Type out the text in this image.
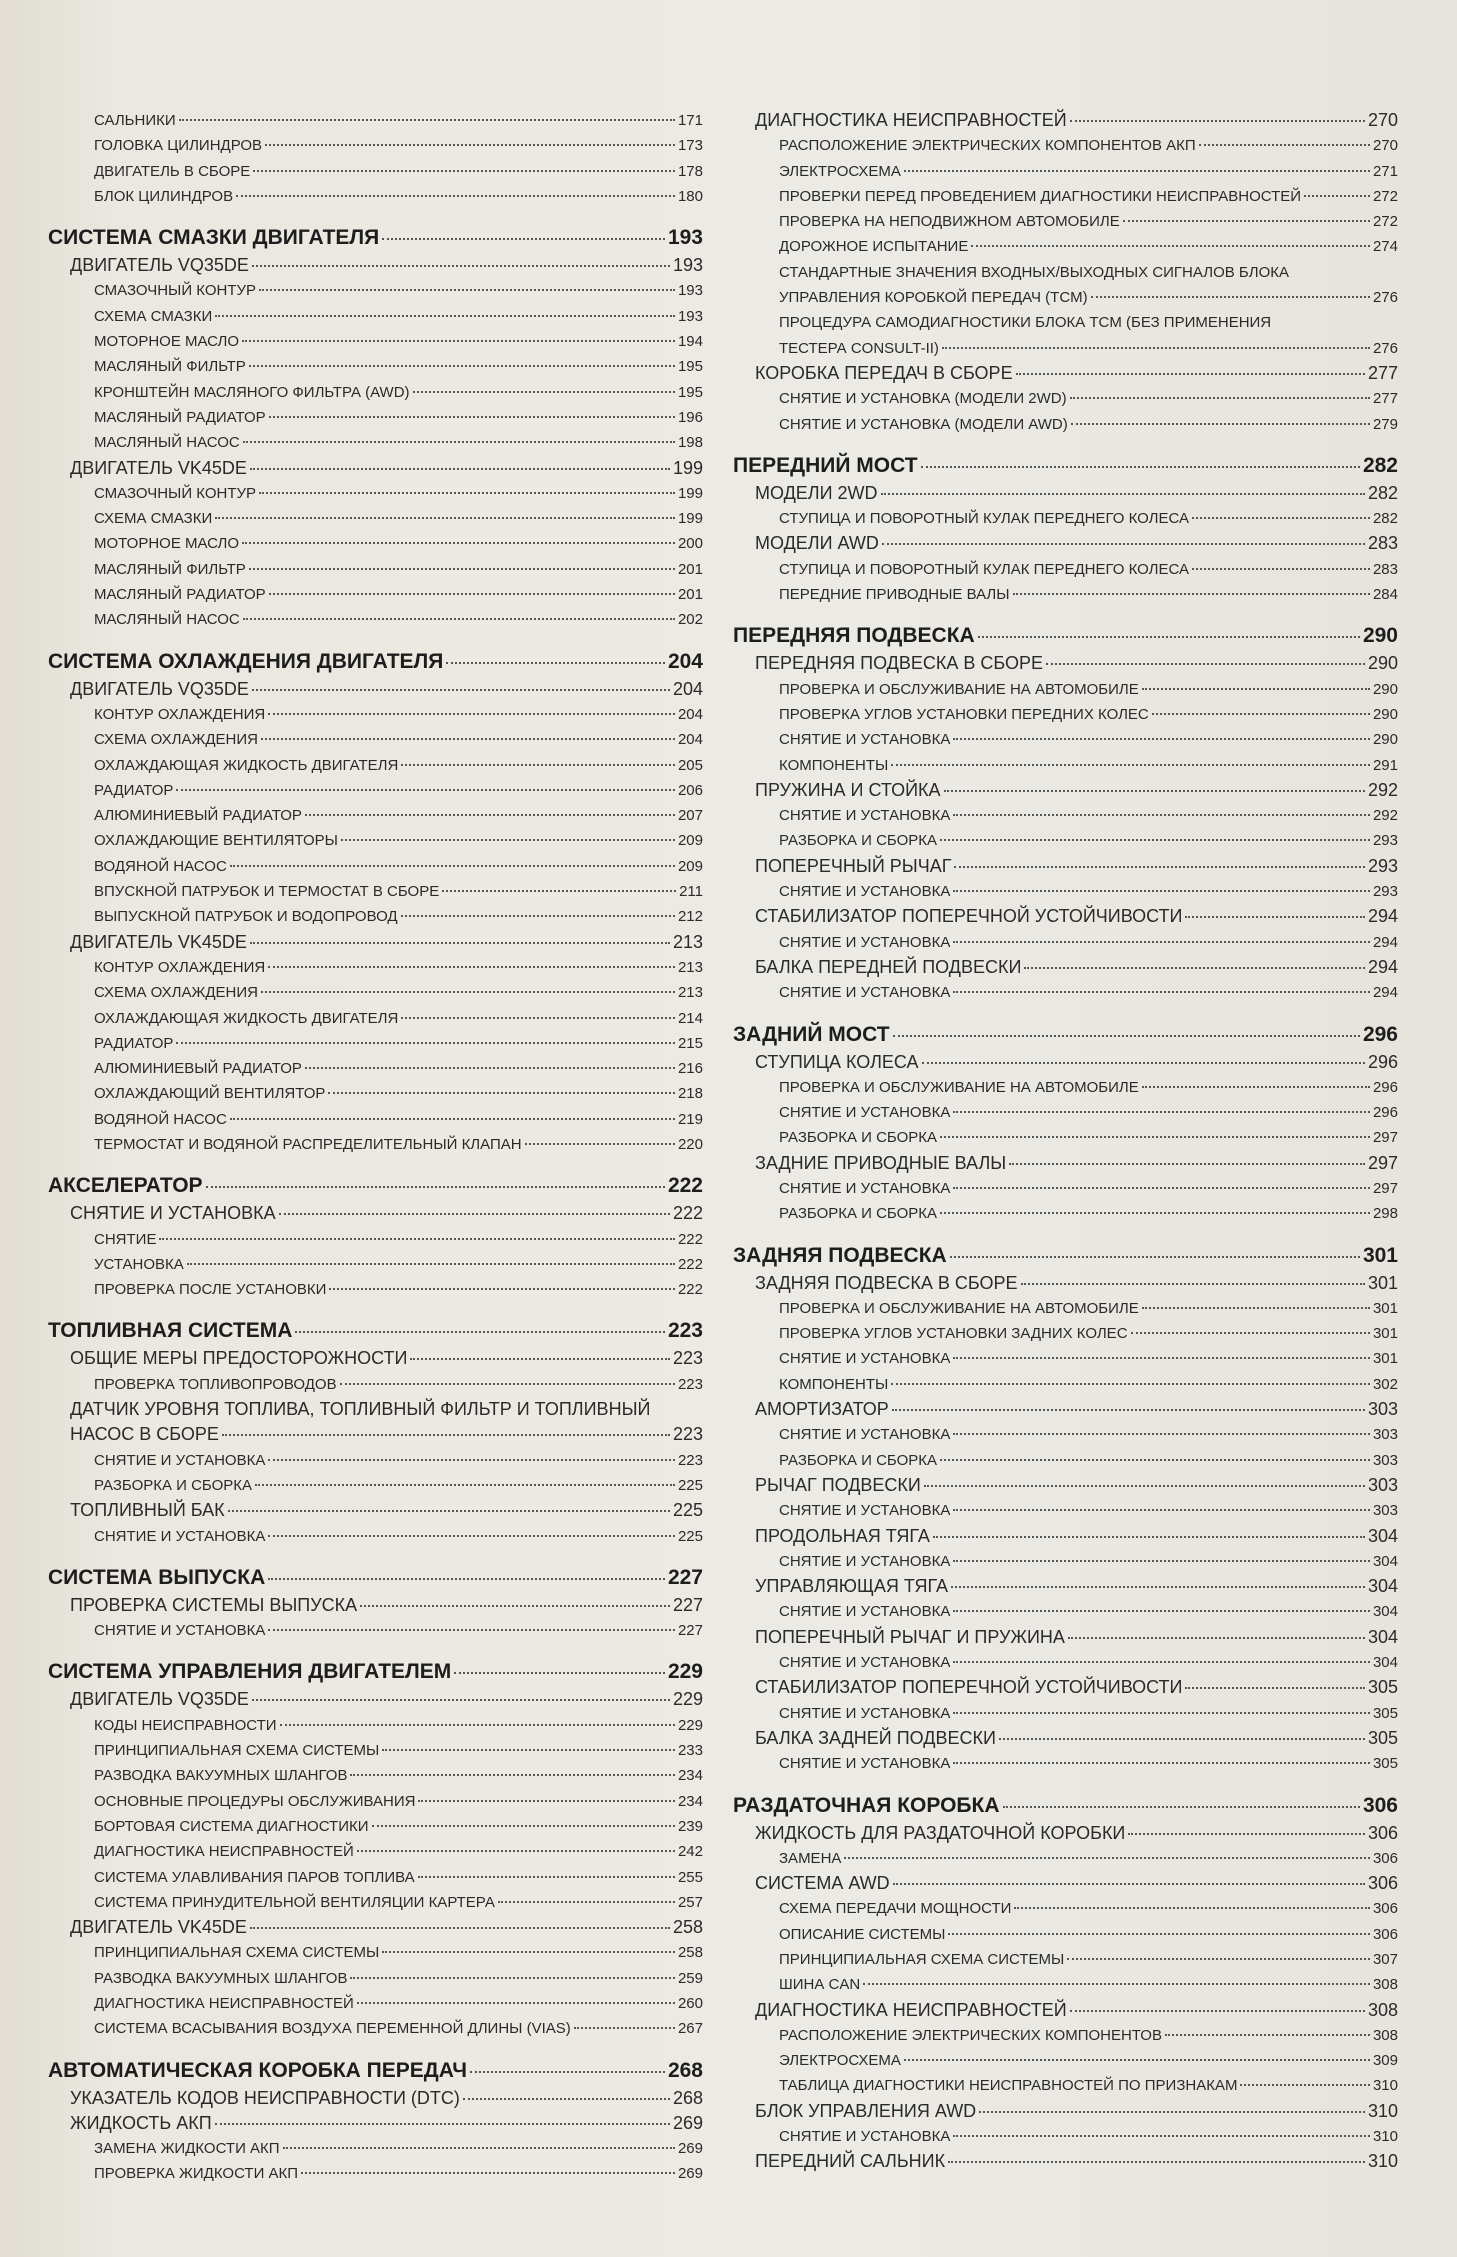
САЛЬНИКИ	171
ГОЛОВКА ЦИЛИНДРОВ	173
ДВИГАТЕЛЬ В СБОРЕ	178
БЛОК ЦИЛИНДРОВ	180
СИСТЕМА СМАЗКИ ДВИГАТЕЛЯ	193
ДВИГАТЕЛЬ VQ35DE	193
СМАЗОЧНЫЙ КОНТУР	193
СХЕМА СМАЗКИ	193
МОТОРНОЕ МАСЛО	194
МАСЛЯНЫЙ ФИЛЬТР	195
КРОНШТЕЙН МАСЛЯНОГО ФИЛЬТРА (AWD)	195
МАСЛЯНЫЙ РАДИАТОР	196
МАСЛЯНЫЙ НАСОС	198
ДВИГАТЕЛЬ VK45DE	199
СМАЗОЧНЫЙ КОНТУР	199
СХЕМА СМАЗКИ	199
МОТОРНОЕ МАСЛО	200
МАСЛЯНЫЙ ФИЛЬТР	201
МАСЛЯНЫЙ РАДИАТОР	201
МАСЛЯНЫЙ НАСОС	202
СИСТЕМА ОХЛАЖДЕНИЯ ДВИГАТЕЛЯ	204
ДВИГАТЕЛЬ VQ35DE	204
КОНТУР ОХЛАЖДЕНИЯ	204
СХЕМА ОХЛАЖДЕНИЯ	204
ОХЛАЖДАЮЩАЯ ЖИДКОСТЬ ДВИГАТЕЛЯ	205
РАДИАТОР	206
АЛЮМИНИЕВЫЙ РАДИАТОР	207
ОХЛАЖДАЮЩИЕ ВЕНТИЛЯТОРЫ	209
ВОДЯНОЙ НАСОС	209
ВПУСКНОЙ ПАТРУБОК И ТЕРМОСТАТ В СБОРЕ	211
ВЫПУСКНОЙ ПАТРУБОК И ВОДОПРОВОД	212
ДВИГАТЕЛЬ VK45DE	213
КОНТУР ОХЛАЖДЕНИЯ	213
СХЕМА ОХЛАЖДЕНИЯ	213
ОХЛАЖДАЮЩАЯ ЖИДКОСТЬ ДВИГАТЕЛЯ	214
РАДИАТОР	215
АЛЮМИНИЕВЫЙ РАДИАТОР	216
ОХЛАЖДАЮЩИЙ ВЕНТИЛЯТОР	218
ВОДЯНОЙ НАСОС	219
ТЕРМОСТАТ И ВОДЯНОЙ РАСПРЕДЕЛИТЕЛЬНЫЙ КЛАПАН	220
АКСЕЛЕРАТОР	222
СНЯТИЕ И УСТАНОВКА	222
СНЯТИЕ	222
УСТАНОВКА	222
ПРОВЕРКА ПОСЛЕ УСТАНОВКИ	222
ТОПЛИВНАЯ СИСТЕМА	223
ОБЩИЕ МЕРЫ ПРЕДОСТОРОЖНОСТИ	223
ПРОВЕРКА ТОПЛИВОПРОВОДОВ	223
ДАТЧИК УРОВНЯ ТОПЛИВА, ТОПЛИВНЫЙ ФИЛЬТР И ТОПЛИВНЫЙ
НАСОС В СБОРЕ	223
СНЯТИЕ И УСТАНОВКА	223
РАЗБОРКА И СБОРКА	225
ТОПЛИВНЫЙ БАК	225
СНЯТИЕ И УСТАНОВКА	225
СИСТЕМА ВЫПУСКА	227
ПРОВЕРКА СИСТЕМЫ ВЫПУСКА	227
СНЯТИЕ И УСТАНОВКА	227
СИСТЕМА УПРАВЛЕНИЯ ДВИГАТЕЛЕМ	229
ДВИГАТЕЛЬ VQ35DE	229
КОДЫ НЕИСПРАВНОСТИ	229
ПРИНЦИПИАЛЬНАЯ СХЕМА СИСТЕМЫ	233
РАЗВОДКА ВАКУУМНЫХ ШЛАНГОВ	234
ОСНОВНЫЕ ПРОЦЕДУРЫ ОБСЛУЖИВАНИЯ	234
БОРТОВАЯ СИСТЕМА ДИАГНОСТИКИ	239
ДИАГНОСТИКА НЕИСПРАВНОСТЕЙ	242
СИСТЕМА УЛАВЛИВАНИЯ ПАРОВ ТОПЛИВА	255
СИСТЕМА ПРИНУДИТЕЛЬНОЙ ВЕНТИЛЯЦИИ КАРТЕРА	257
ДВИГАТЕЛЬ VK45DE	258
ПРИНЦИПИАЛЬНАЯ СХЕМА СИСТЕМЫ	258
РАЗВОДКА ВАКУУМНЫХ ШЛАНГОВ	259
ДИАГНОСТИКА НЕИСПРАВНОСТЕЙ	260
СИСТЕМА ВСАСЫВАНИЯ ВОЗДУХА ПЕРЕМЕННОЙ ДЛИНЫ (VIAS)	267
АВТОМАТИЧЕСКАЯ КОРОБКА ПЕРЕДАЧ	268
УКАЗАТЕЛЬ КОДОВ НЕИСПРАВНОСТИ (DTC)	268
ЖИДКОСТЬ АКП	269
ЗАМЕНА ЖИДКОСТИ АКП	269
ПРОВЕРКА ЖИДКОСТИ АКП	269
ДИАГНОСТИКА НЕИСПРАВНОСТЕЙ	270
РАСПОЛОЖЕНИЕ ЭЛЕКТРИЧЕСКИХ КОМПОНЕНТОВ АКП	270
ЭЛЕКТРОСХЕМА	271
ПРОВЕРКИ ПЕРЕД ПРОВЕДЕНИЕМ ДИАГНОСТИКИ НЕИСПРАВНОСТЕЙ	272
ПРОВЕРКА НА НЕПОДВИЖНОМ АВТОМОБИЛЕ	272
ДОРОЖНОЕ ИСПЫТАНИЕ	274
СТАНДАРТНЫЕ ЗНАЧЕНИЯ ВХОДНЫХ/ВЫХОДНЫХ СИГНАЛОВ БЛОКА
УПРАВЛЕНИЯ КОРОБКОЙ ПЕРЕДАЧ (TCM)	276
ПРОЦЕДУРА САМОДИАГНОСТИКИ БЛОКА TCM (БЕЗ ПРИМЕНЕНИЯ
ТЕСТЕРА CONSULT-II)	276
КОРОБКА ПЕРЕДАЧ В СБОРЕ	277
СНЯТИЕ И УСТАНОВКА (МОДЕЛИ 2WD)	277
СНЯТИЕ И УСТАНОВКА (МОДЕЛИ AWD)	279
ПЕРЕДНИЙ МОСТ	282
МОДЕЛИ 2WD	282
СТУПИЦА И ПОВОРОТНЫЙ КУЛАК ПЕРЕДНЕГО КОЛЕСА	282
МОДЕЛИ AWD	283
СТУПИЦА И ПОВОРОТНЫЙ КУЛАК ПЕРЕДНЕГО КОЛЕСА	283
ПЕРЕДНИЕ ПРИВОДНЫЕ ВАЛЫ	284
ПЕРЕДНЯЯ ПОДВЕСКА	290
ПЕРЕДНЯЯ ПОДВЕСКА В СБОРЕ	290
ПРОВЕРКА И ОБСЛУЖИВАНИЕ НА АВТОМОБИЛЕ	290
ПРОВЕРКА УГЛОВ УСТАНОВКИ ПЕРЕДНИХ КОЛЕС	290
СНЯТИЕ И УСТАНОВКА	290
КОМПОНЕНТЫ	291
ПРУЖИНА И СТОЙКА	292
СНЯТИЕ И УСТАНОВКА	292
РАЗБОРКА И СБОРКА	293
ПОПЕРЕЧНЫЙ РЫЧАГ	293
СНЯТИЕ И УСТАНОВКА	293
СТАБИЛИЗАТОР ПОПЕРЕЧНОЙ УСТОЙЧИВОСТИ	294
СНЯТИЕ И УСТАНОВКА	294
БАЛКА ПЕРЕДНЕЙ ПОДВЕСКИ	294
СНЯТИЕ И УСТАНОВКА	294
ЗАДНИЙ МОСТ	296
СТУПИЦА КОЛЕСА	296
ПРОВЕРКА И ОБСЛУЖИВАНИЕ НА АВТОМОБИЛЕ	296
СНЯТИЕ И УСТАНОВКА	296
РАЗБОРКА И СБОРКА	297
ЗАДНИЕ ПРИВОДНЫЕ ВАЛЫ	297
СНЯТИЕ И УСТАНОВКА	297
РАЗБОРКА И СБОРКА	298
ЗАДНЯЯ ПОДВЕСКА	301
ЗАДНЯЯ ПОДВЕСКА В СБОРЕ	301
ПРОВЕРКА И ОБСЛУЖИВАНИЕ НА АВТОМОБИЛЕ	301
ПРОВЕРКА УГЛОВ УСТАНОВКИ ЗАДНИХ КОЛЕС	301
СНЯТИЕ И УСТАНОВКА	301
КОМПОНЕНТЫ	302
АМОРТИЗАТОР	303
СНЯТИЕ И УСТАНОВКА	303
РАЗБОРКА И СБОРКА	303
РЫЧАГ ПОДВЕСКИ	303
СНЯТИЕ И УСТАНОВКА	303
ПРОДОЛЬНАЯ ТЯГА	304
СНЯТИЕ И УСТАНОВКА	304
УПРАВЛЯЮЩАЯ ТЯГА	304
СНЯТИЕ И УСТАНОВКА	304
ПОПЕРЕЧНЫЙ РЫЧАГ И ПРУЖИНА	304
СНЯТИЕ И УСТАНОВКА	304
СТАБИЛИЗАТОР ПОПЕРЕЧНОЙ УСТОЙЧИВОСТИ	305
СНЯТИЕ И УСТАНОВКА	305
БАЛКА ЗАДНЕЙ ПОДВЕСКИ	305
СНЯТИЕ И УСТАНОВКА	305
РАЗДАТОЧНАЯ КОРОБКА	306
ЖИДКОСТЬ ДЛЯ РАЗДАТОЧНОЙ КОРОБКИ	306
ЗАМЕНА	306
СИСТЕМА AWD	306
СХЕМА ПЕРЕДАЧИ МОЩНОСТИ	306
ОПИСАНИЕ СИСТЕМЫ	306
ПРИНЦИПИАЛЬНАЯ СХЕМА СИСТЕМЫ	307
ШИНА CAN	308
ДИАГНОСТИКА НЕИСПРАВНОСТЕЙ	308
РАСПОЛОЖЕНИЕ ЭЛЕКТРИЧЕСКИХ КОМПОНЕНТОВ	308
ЭЛЕКТРОСХЕМА	309
ТАБЛИЦА ДИАГНОСТИКИ НЕИСПРАВНОСТЕЙ ПО ПРИЗНАКАМ	310
БЛОК УПРАВЛЕНИЯ AWD	310
СНЯТИЕ И УСТАНОВКА	310
ПЕРЕДНИЙ САЛЬНИК	310
